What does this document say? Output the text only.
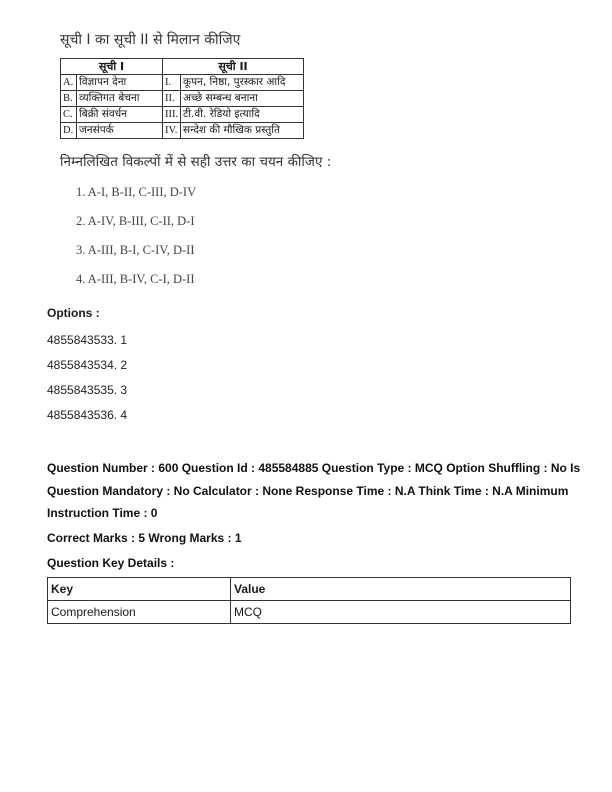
सूची I का सूची II से मिलान कीजिए
सूची I		सूची II	
A.	विज्ञापन देना	I.	कूपन, निष्ठा, पुरस्कार आदि
B.	व्यक्तिगत बेचना	II.	अच्छे सम्बन्ध बनाना
C.	बिक्री संवर्धन	III.	टी.वी. रेडियो इत्यादि
D.	जनसंपर्क	IV.	सन्देश की मौखिक प्रस्तुति
निम्नलिखित विकल्पों में से सही उत्तर का चयन कीजिए :
1. A-I, B-II, C-III, D-IV
2. A-IV, B-III, C-II, D-I
3. A-III, B-I, C-IV, D-II
4. A-III, B-IV, C-I, D-II
Options :
4855843533. 1
4855843534. 2
4855843535. 3
4855843536. 4
Question Number : 600 Question Id : 485584885 Question Type : MCQ Option Shuffling : No Is
Question Mandatory : No Calculator : None Response Time : N.A Think Time : N.A Minimum
Instruction Time : 0
Correct Marks : 5 Wrong Marks : 1
Question Key Details :
Key	Value
Comprehension	MCQ
